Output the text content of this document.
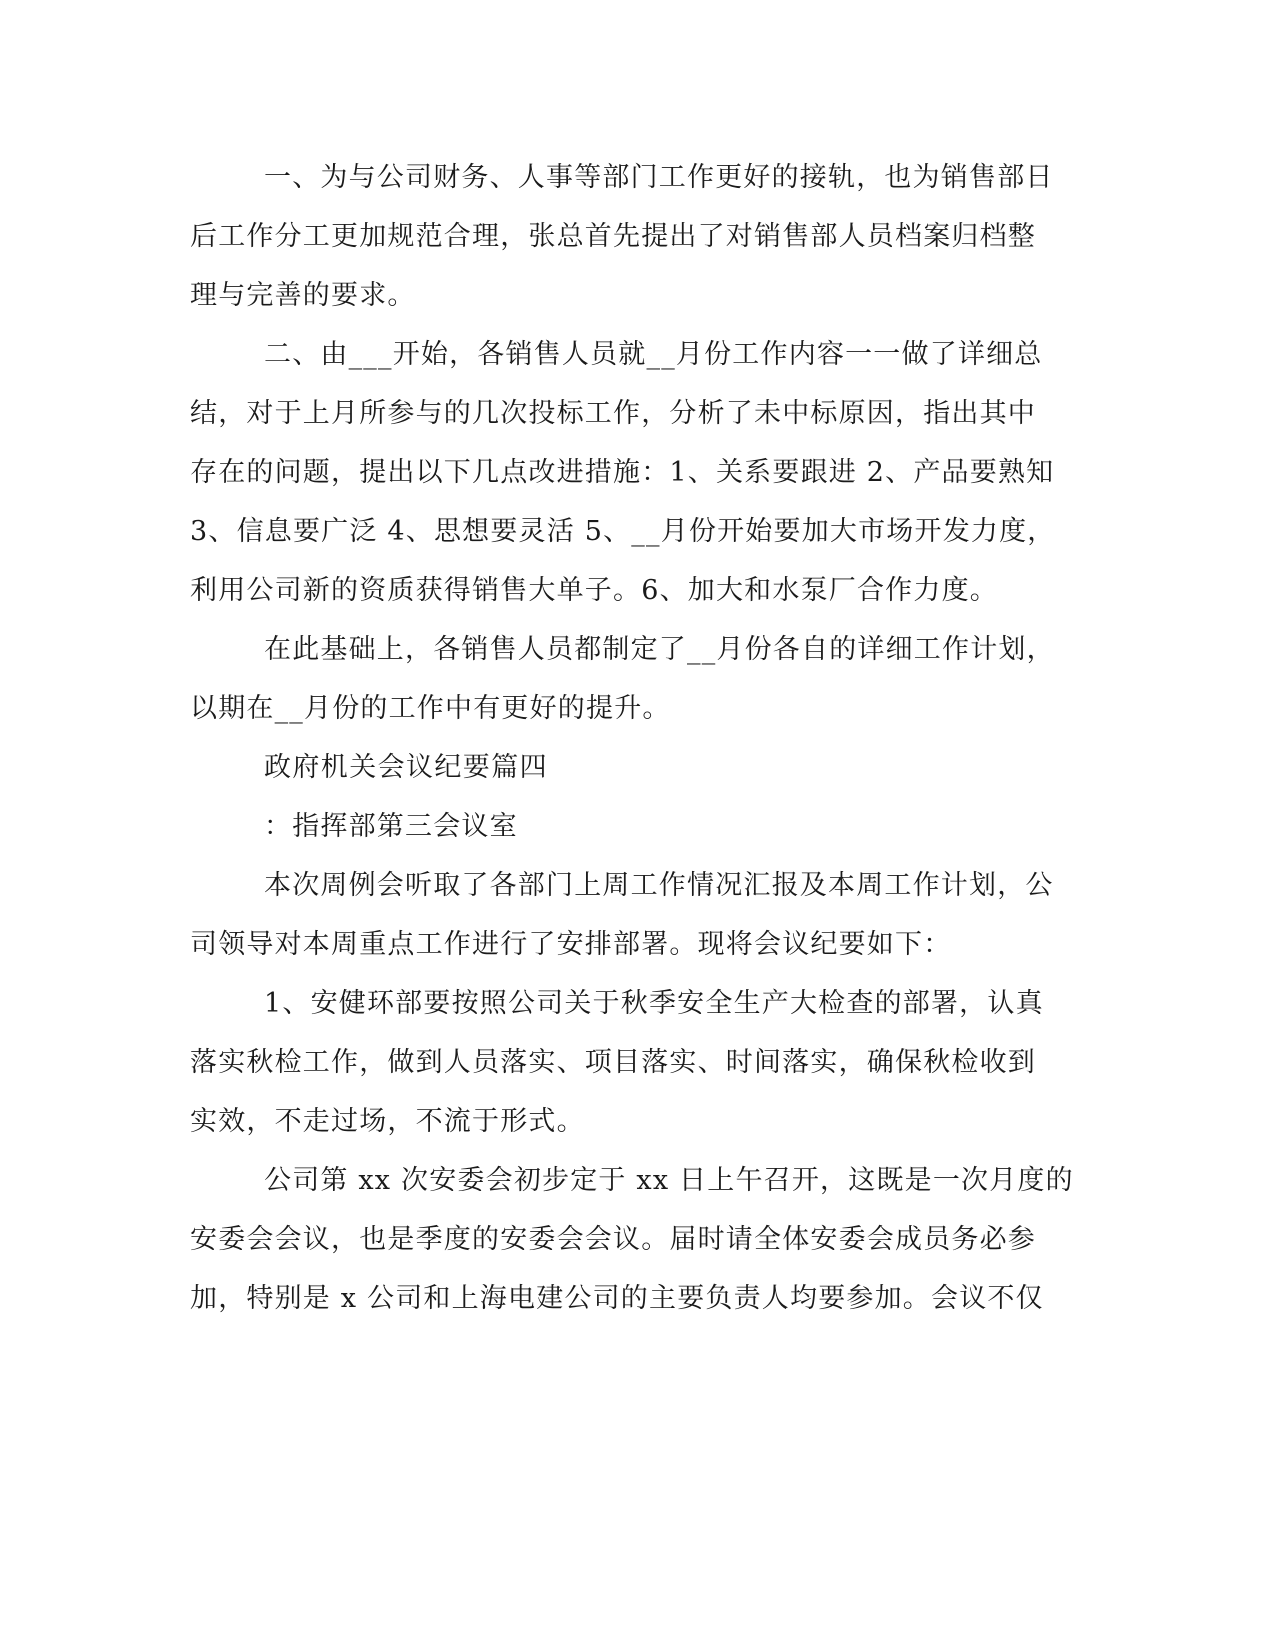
一、为与公司财务、人事等部门工作更好的接轨，也为销售部日
后工作分工更加规范合理，张总首先提出了对销售部人员档案归档整
理与完善的要求。
二、由___开始，各销售人员就__月份工作内容一一做了详细总
结，对于上月所参与的几次投标工作，分析了未中标原因，指出其中
存在的问题，提出以下几点改进措施：1、关系要跟进 2、产品要熟知
3、信息要广泛 4、思想要灵活 5、__月份开始要加大市场开发力度，
利用公司新的资质获得销售大单子。6、加大和水泵厂合作力度。
在此基础上，各销售人员都制定了__月份各自的详细工作计划，
以期在__月份的工作中有更好的提升。
政府机关会议纪要篇四
：指挥部第三会议室
本次周例会听取了各部门上周工作情况汇报及本周工作计划，公
司领导对本周重点工作进行了安排部署。现将会议纪要如下：
1、安健环部要按照公司关于秋季安全生产大检查的部署，认真
落实秋检工作，做到人员落实、项目落实、时间落实，确保秋检收到
实效，不走过场，不流于形式。
公司第 xx 次安委会初步定于 xx 日上午召开，这既是一次月度的
安委会会议，也是季度的安委会会议。届时请全体安委会成员务必参
加，特别是 x 公司和上海电建公司的主要负责人均要参加。会议不仅
